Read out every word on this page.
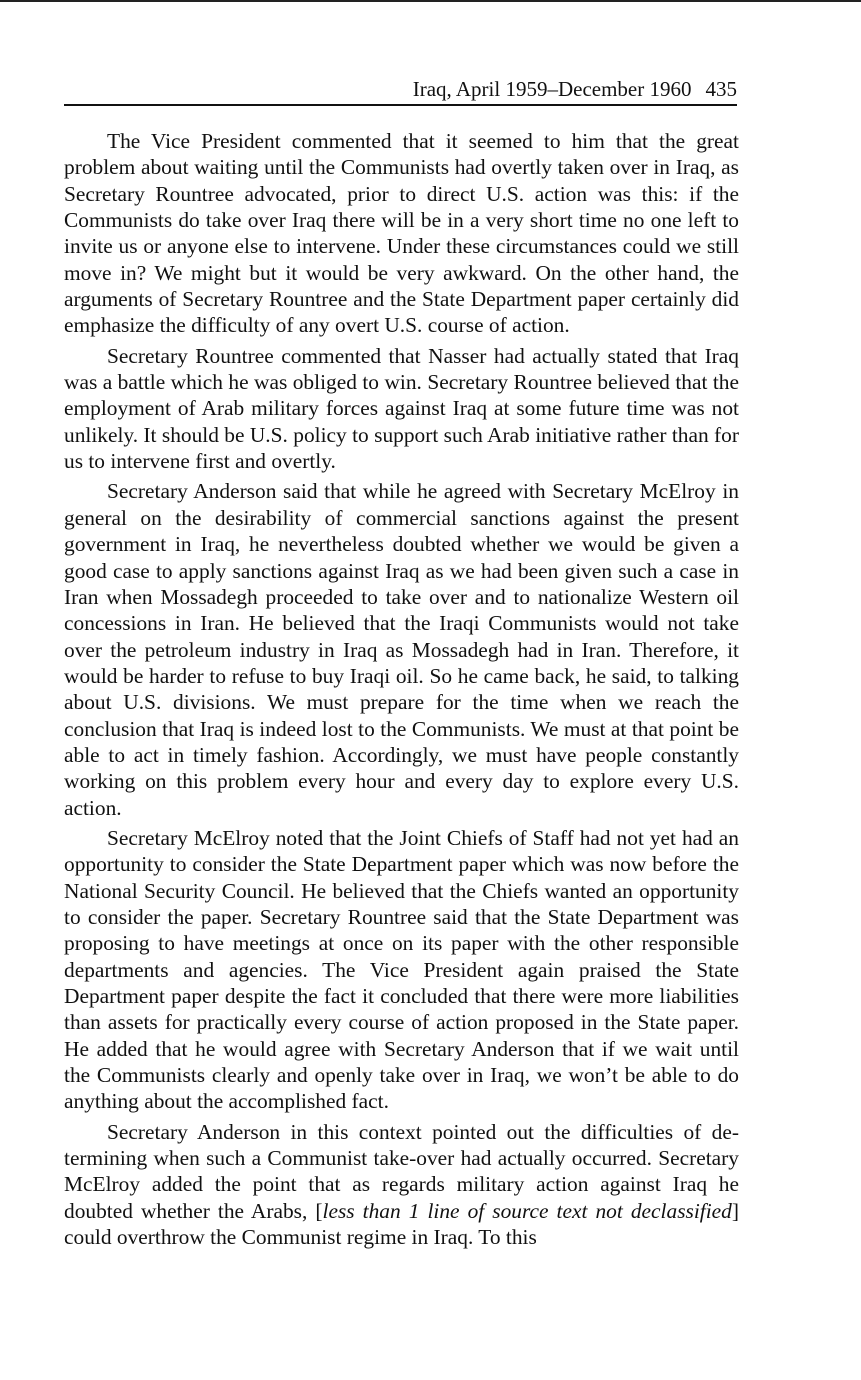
Iraq, April 1959–December 1960 435

The Vice President commented that it seemed to him that the great problem about waiting until the Communists had overtly taken over in Iraq, as Secretary Rountree advocated, prior to direct U.S. action was this: if the Communists do take over Iraq there will be in a very short time no one left to invite us or anyone else to intervene. Under these circumstances could we still move in? We might but it would be very awkward. On the other hand, the arguments of Secretary Rountree and the State Department paper certainly did emphasize the difficulty of any overt U.S. course of action.

Secretary Rountree commented that Nasser had actually stated that Iraq was a battle which he was obliged to win. Secretary Rountree believed that the employment of Arab military forces against Iraq at some future time was not unlikely. It should be U.S. policy to support such Arab initiative rather than for us to intervene first and overtly.

Secretary Anderson said that while he agreed with Secretary McElroy in general on the desirability of commercial sanctions against the present government in Iraq, he nevertheless doubted whether we would be given a good case to apply sanctions against Iraq as we had been given such a case in Iran when Mossadegh proceeded to take over and to nationalize Western oil concessions in Iran. He believed that the Iraqi Communists would not take over the petroleum industry in Iraq as Mossadegh had in Iran. Therefore, it would be harder to refuse to buy Iraqi oil. So he came back, he said, to talking about U.S. divisions. We must prepare for the time when we reach the conclusion that Iraq is indeed lost to the Communists. We must at that point be able to act in timely fashion. Accordingly, we must have people constantly working on this problem every hour and every day to explore every U.S. action.

Secretary McElroy noted that the Joint Chiefs of Staff had not yet had an opportunity to consider the State Department paper which was now before the National Security Council. He believed that the Chiefs wanted an opportunity to consider the paper. Secretary Rountree said that the State Department was proposing to have meetings at once on its paper with the other responsible departments and agencies. The Vice President again praised the State Department paper despite the fact it concluded that there were more liabilities than assets for practically every course of action proposed in the State paper. He added that he would agree with Secretary Anderson that if we wait until the Communists clearly and openly take over in Iraq, we won’t be able to do anything about the accomplished fact.

Secretary Anderson in this context pointed out the difficulties of determining when such a Communist take-over had actually occurred. Secretary McElroy added the point that as regards military action against Iraq he doubted whether the Arabs, [less than 1 line of source text not declassified] could overthrow the Communist regime in Iraq. To this
